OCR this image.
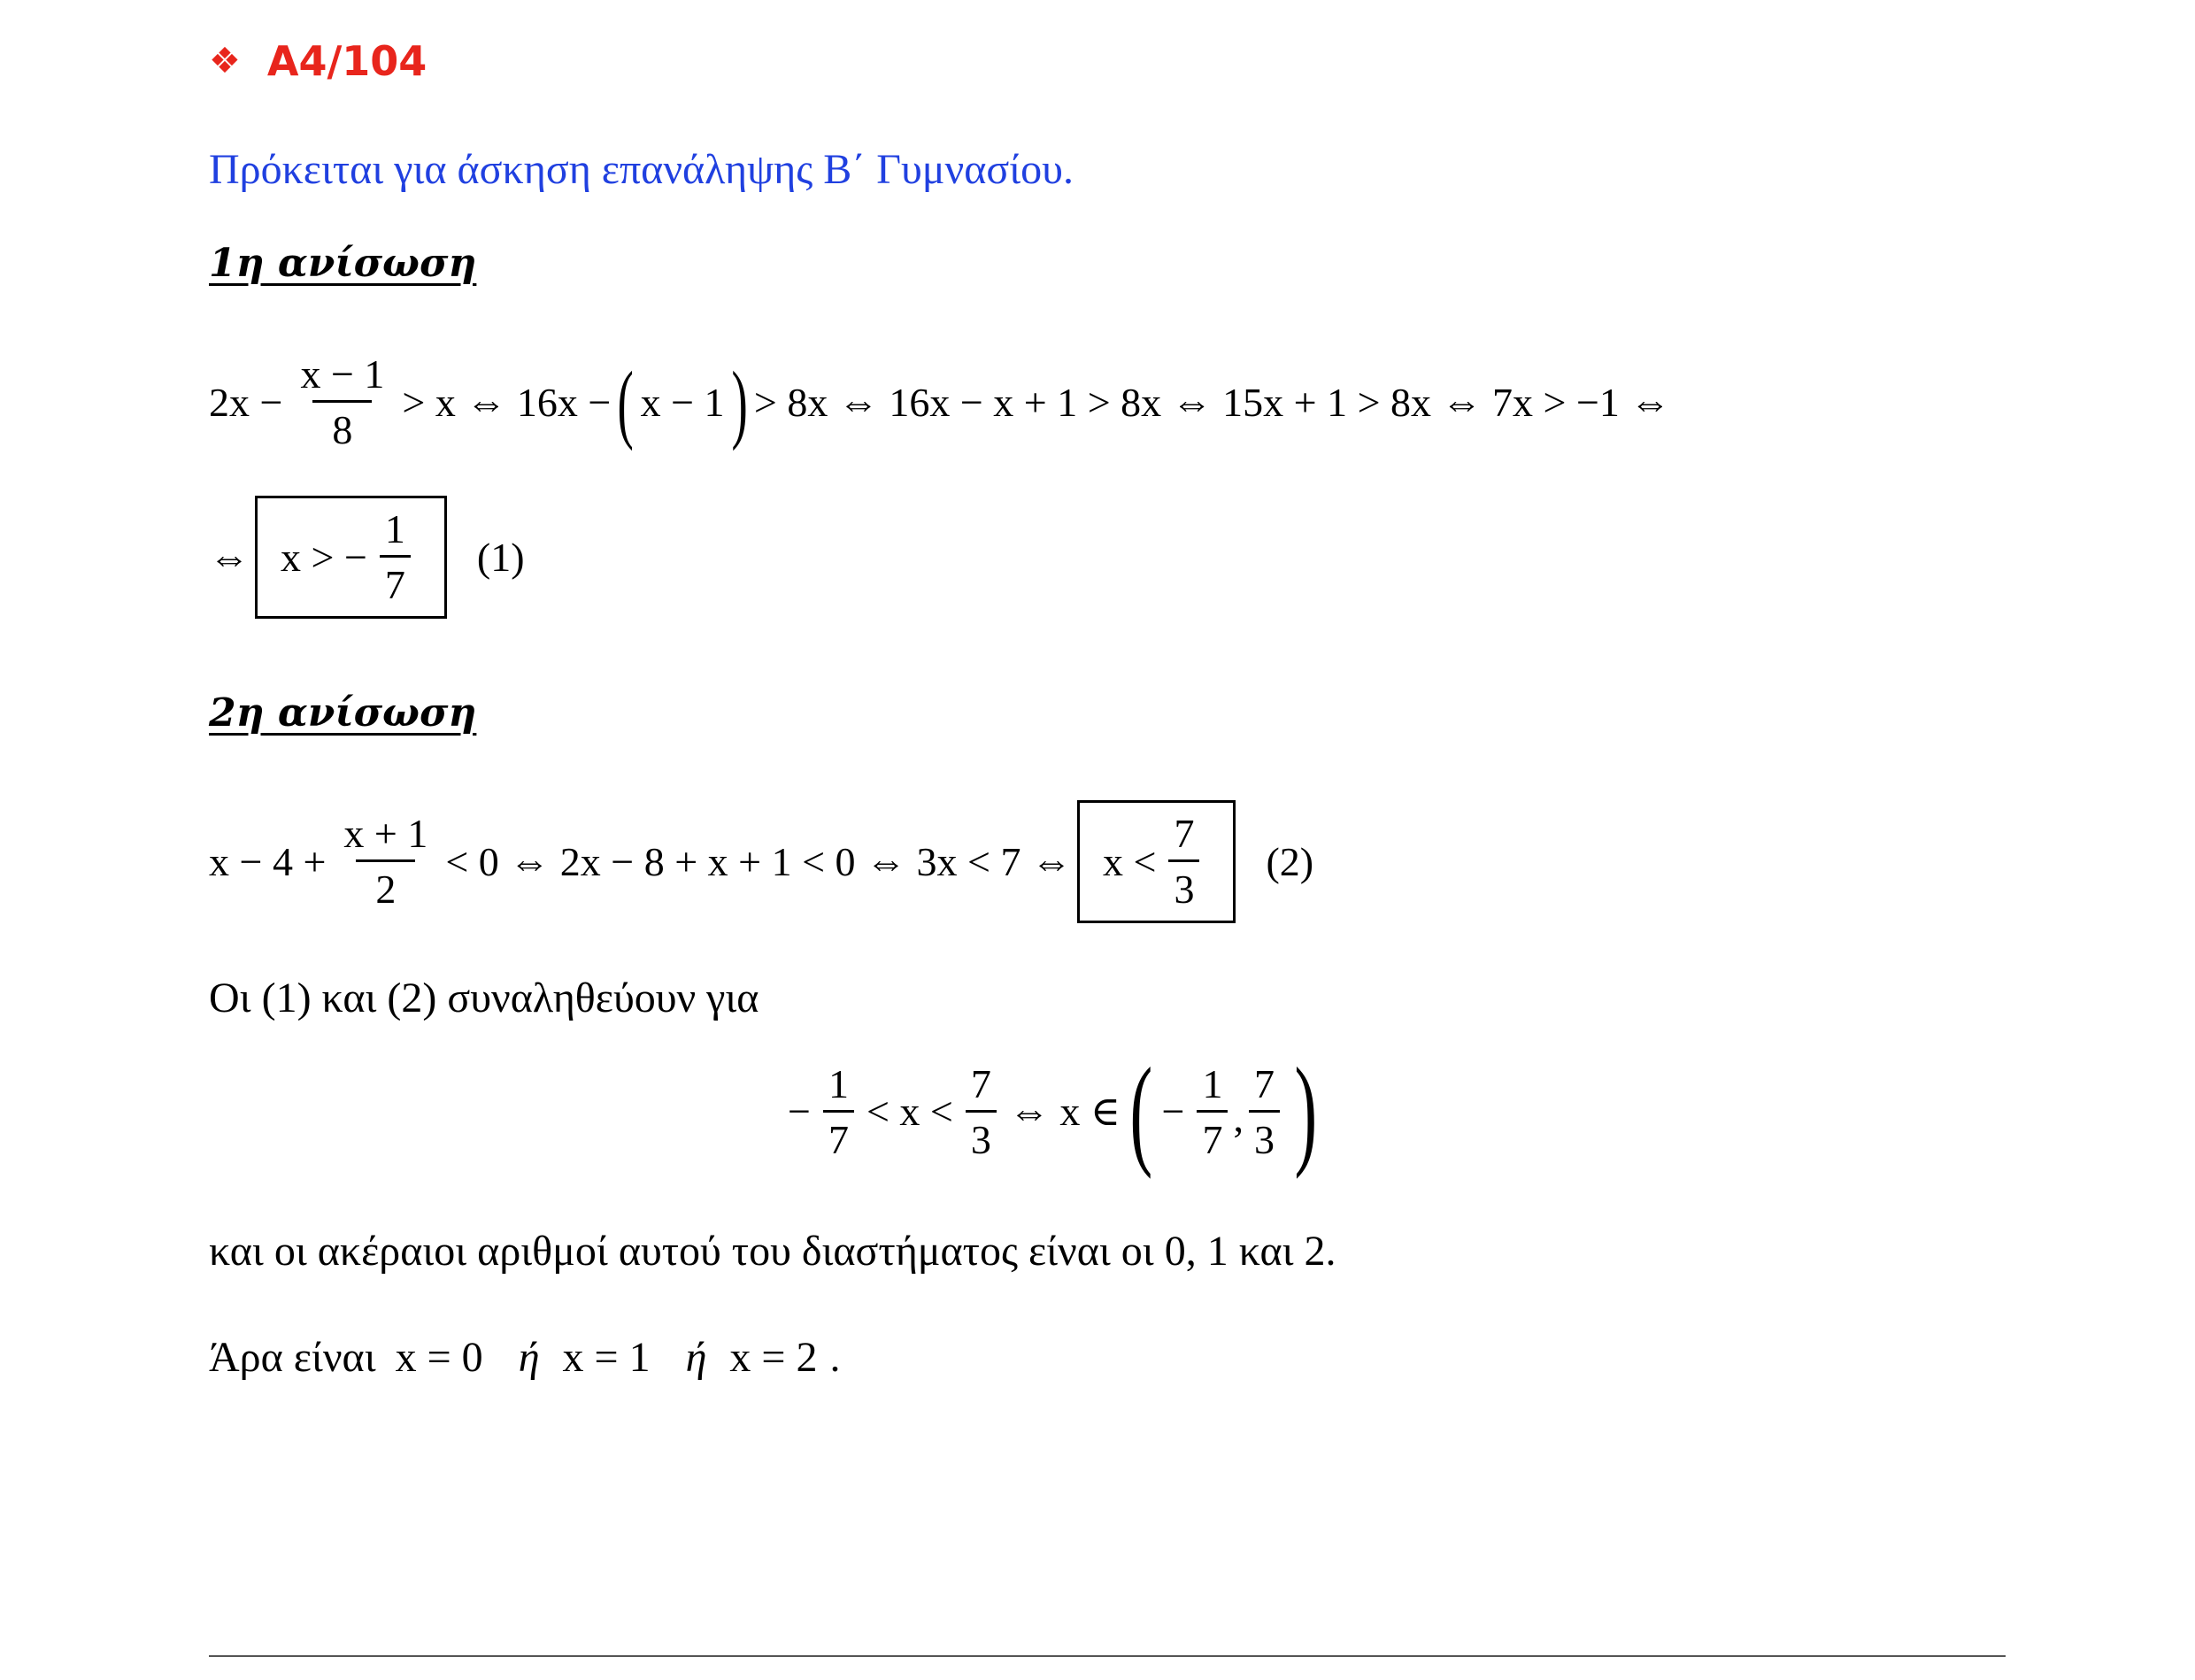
❖ A4/104
Πρόκειται για άσκηση επανάληψης Β΄ Γυμνασίου.
1η ανίσωση
$2x - \frac{x - 1}{8} > x$ ⇔ 16x − ( x − 1 ) > 8x ⇔ 16x − x + 1 > 8x ⇔ 15x + 1 > 8x ⇔ 7x > −1 ⇔
⇔ x > − $\frac{1}{7} (1)$
2η ανίσωση
$x - 4 + \frac{x + 1}{2} < 0$ ⇔ 2x − 8 + x + 1 < 0 ⇔ 3x < 7 ⇔ $x < \frac{7}{3} (2)$
Οι (1) και (2) συναληθεύουν για
− $\frac{1}{7} < x < \frac{7}{3}$ ⇔ x ∈ ( − $\frac{1}{7}$ , $\frac{7}{3}$ )
και οι ακέραιοι αριθμοί αυτού του διαστήματος είναι οι 0, 1 και 2.
Άρα είναι x = 0 ή x = 1 ή x = 2 .
